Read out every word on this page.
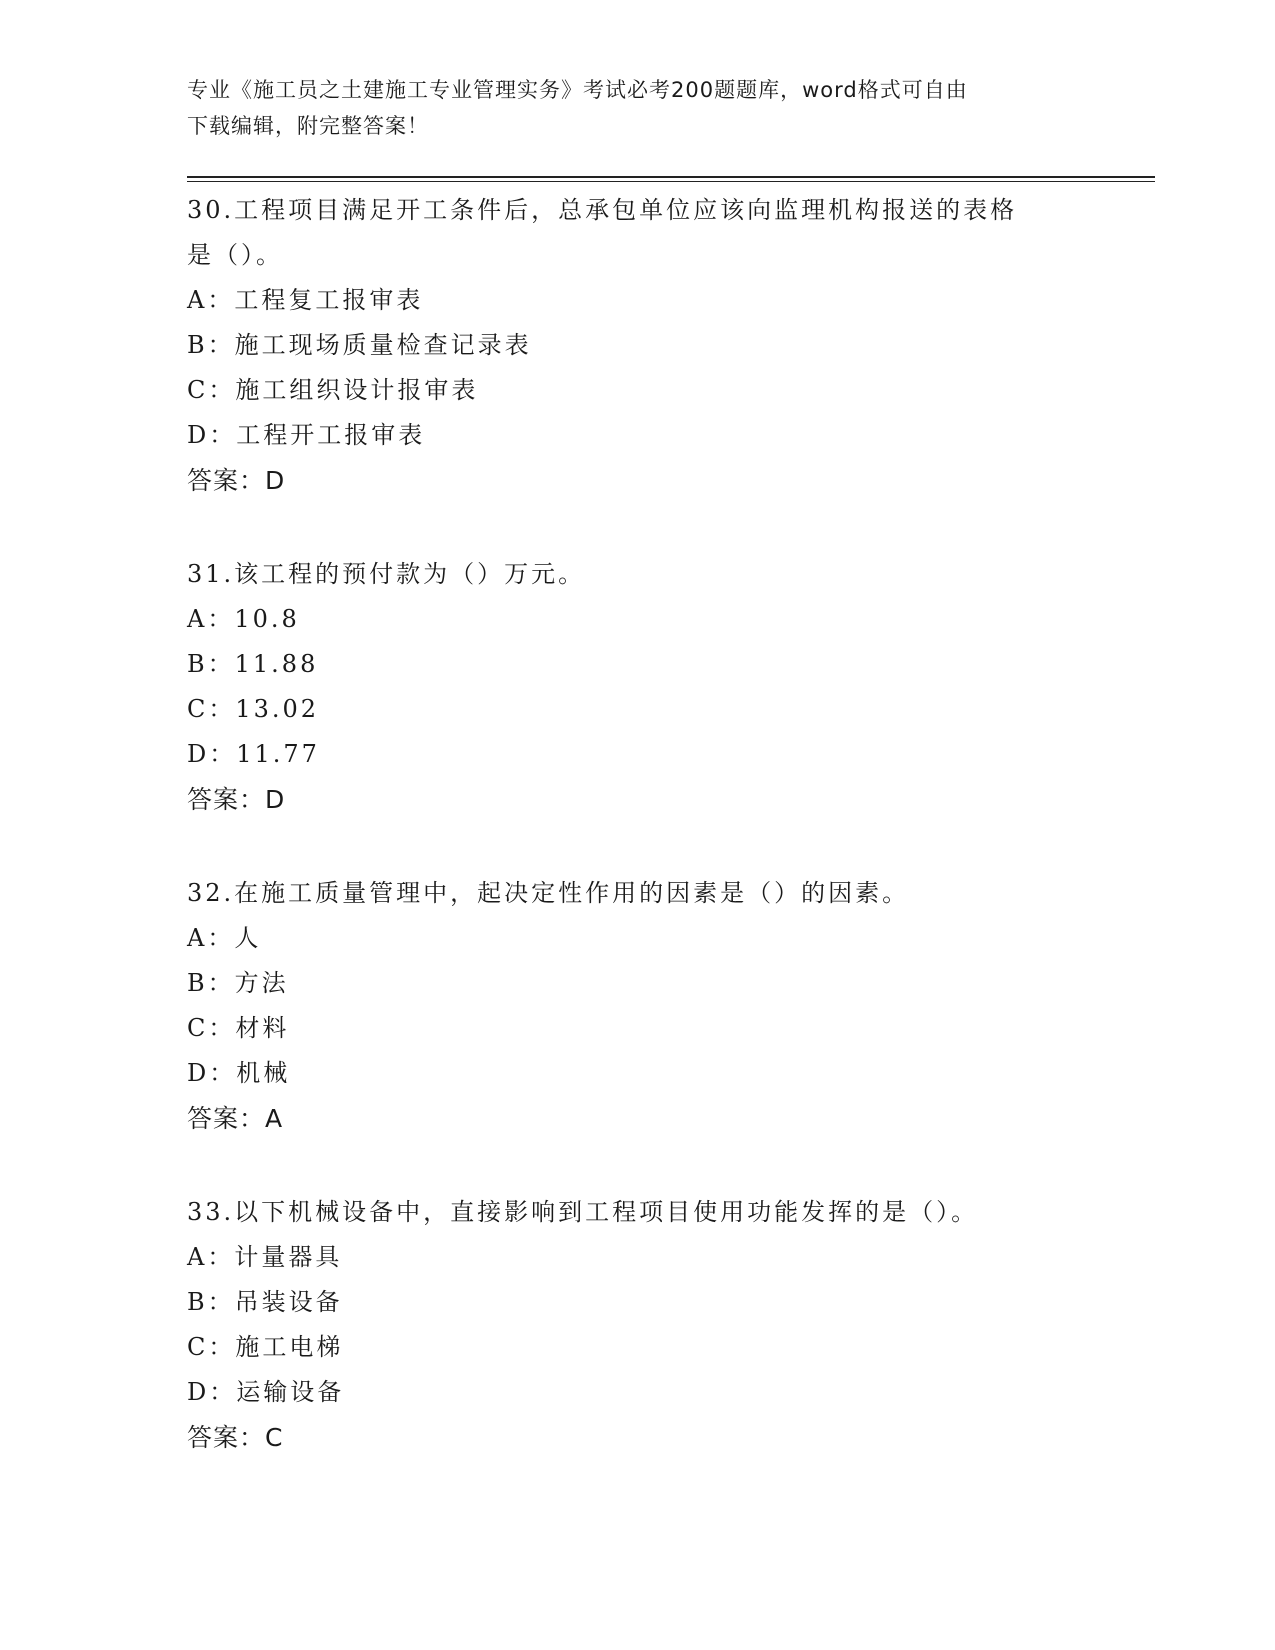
专业《施工员之土建施工专业管理实务》考试必考200题题库，word格式可自由
下载编辑，附完整答案！
30.工程项目满足开工条件后，总承包单位应该向监理机构报送的表格
是（）。
A：工程复工报审表
B：施工现场质量检查记录表
C：施工组织设计报审表
D：工程开工报审表
答案：D
31.该工程的预付款为（）万元。
A：10.8
B：11.88
C：13.02
D：11.77
答案：D
32.在施工质量管理中，起决定性作用的因素是（）的因素。
A：人
B：方法
C：材料
D：机械
答案：A
33.以下机械设备中，直接影响到工程项目使用功能发挥的是（）。
A：计量器具
B：吊装设备
C：施工电梯
D：运输设备
答案：C
